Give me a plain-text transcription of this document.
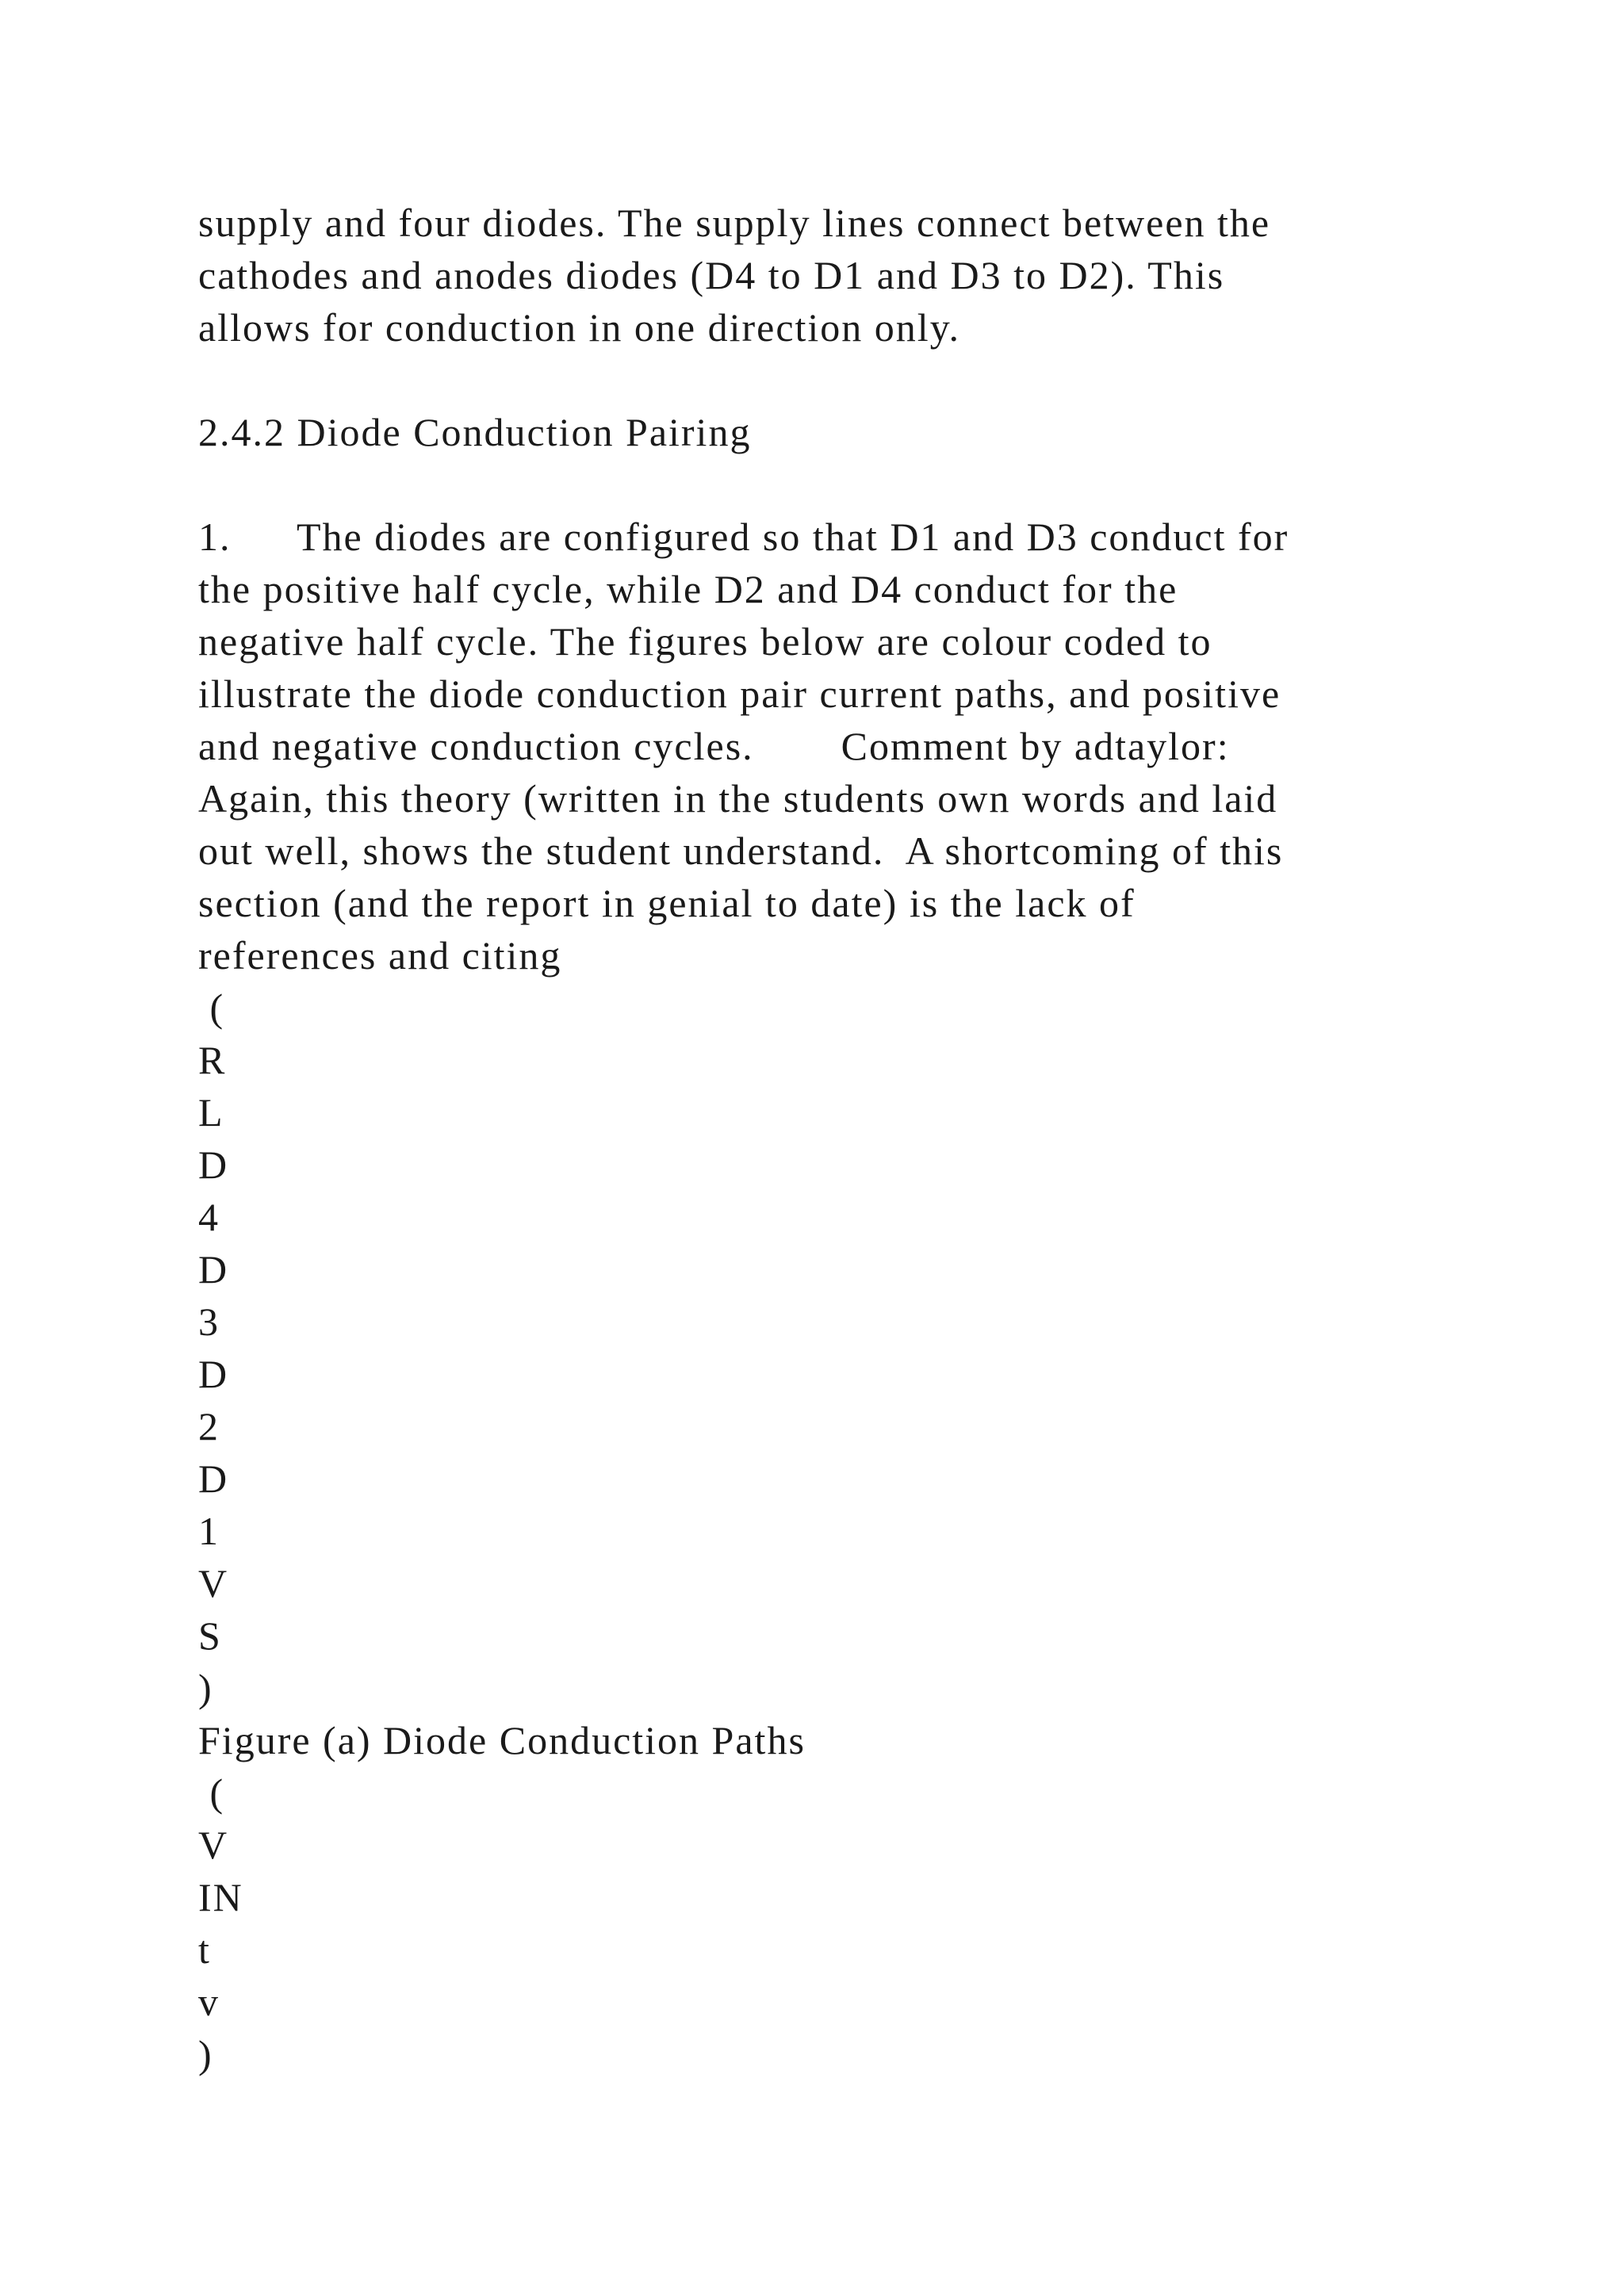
supply and four diodes. The supply lines connect between the
cathodes and anodes diodes (D4 to D1 and D3 to D2). This
allows for conduction in one direction only.
2.4.2 Diode Conduction Pairing
1. The diodes are configured so that D1 and D3 conduct for
the positive half cycle, while D2 and D4 conduct for the
negative half cycle. The figures below are colour coded to
illustrate the diode conduction pair current paths, and positive
and negative conduction cycles. Comment by adtaylor:
Again, this theory (written in the students own words and laid
out well, shows the student understand.  A shortcoming of this
section (and the report in genial to date) is the lack of
references and citing
(
R
L
D
4
D
3
D
2
D
1
V
S
)
Figure (a) Diode Conduction Paths
(
V
IN
t
v
)
